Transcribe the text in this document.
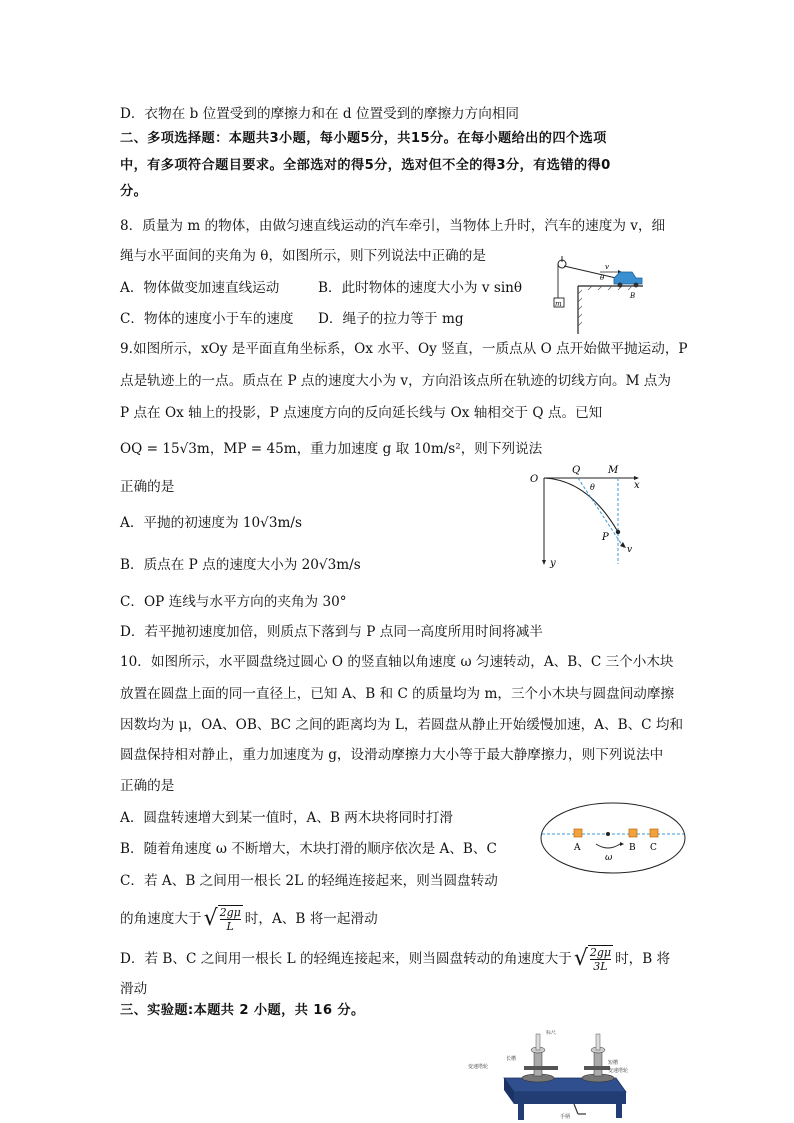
D．衣物在 b 位置受到的摩擦力和在 d 位置受到的摩擦力方向相同
二、多项选择题：本题共3小题，每小题5分，共15分。在每小题给出的四个选项
中，有多项符合题目要求。全部选对的得5分，选对但不全的得3分，有选错的得0
分。
8．质量为 m 的物体，由做匀速直线运动的汽车牵引，当物体上升时，汽车的速度为 v，细
绳与水平面间的夹角为 θ，如图所示，则下列说法中正确的是
A．物体做变加速直线运动	B．此时物体的速度大小为 v sinθ
C．物体的速度小于车的速度 D．绳子的拉力等于 mg
m
v
θ
B
9.如图所示，xOy 是平面直角坐标系，Ox 水平、Oy 竖直，一质点从 O 点开始做平抛运动，P
点是轨迹上的一点。质点在 P 点的速度大小为 v，方向沿该点所在轨迹的切线方向。M 点为
P 点在 Ox 轴上的投影，P 点速度方向的反向延长线与 Ox 轴相交于 Q 点。已知
OQ = 15√3m，MP = 45m，重力加速度 g 取 10m/s²，则下列说法
正确的是
A．平抛的初速度为 10√3m/s
B．质点在 P 点的速度大小为 20√3m/s
C．OP 连线与水平方向的夹角为 30°
D．若平抛初速度加倍，则质点下落到与 P 点同一高度所用时间将减半
O
Q	M
x
y
P
v
θ
10．如图所示，水平圆盘绕过圆心 O 的竖直轴以角速度 ω 匀速转动，A、B、C 三个小木块
放置在圆盘上面的同一直径上，已知 A、B 和 C 的质量均为 m，三个小木块与圆盘间动摩擦
因数均为 μ，OA、OB、BC 之间的距离均为 L，若圆盘从静止开始缓慢加速，A、B、C 均和
圆盘保持相对静止，重力加速度为 g，设滑动摩擦力大小等于最大静摩擦力，则下列说法中
正确的是
A．圆盘转速增大到某一值时，A、B 两木块将同时打滑
B．随着角速度 ω 不断增大，木块打滑的顺序依次是 A、B、C
C．若 A、B 之间用一根长 2L 的轻绳连接起来，则当圆盘转动
的角速度大于 √ $\frac{2g\mu}{L}$ 时，A、B 将一起滑动
D．若 B、C 之间用一根长 L 的轻绳连接起来，则当圆盘转动的角速度大于 √ $\frac{2g\mu}{3L}$ 时，B 将
滑动
A	B C
ω
三、实验题:本题共 2 小题，共 16 分。
标尺
长槽
短槽
变速塔轮
变速塔轮
手柄
